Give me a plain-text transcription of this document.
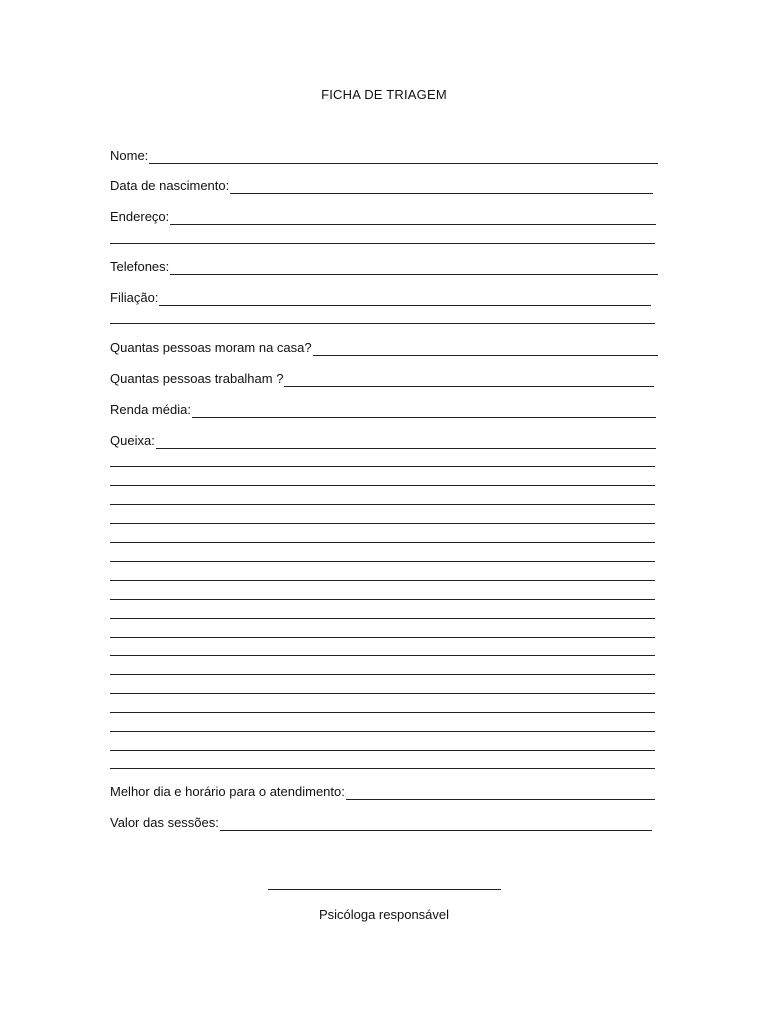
FICHA DE TRIAGEM
Nome:
Data de nascimento:
Endereço:
Telefones:
Filiação:
Quantas pessoas moram na casa?
Quantas pessoas trabalham ?
Renda média:
Queixa:
Melhor dia e horário para o atendimento:
Valor das sessões:
Psicóloga responsável
